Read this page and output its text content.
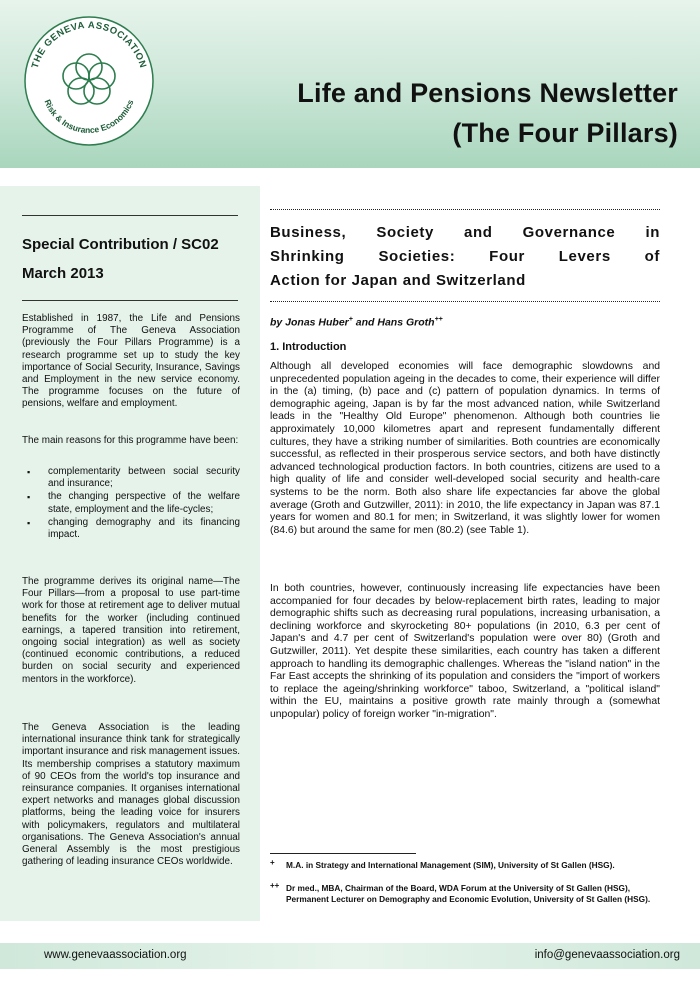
THE GENEVA ASSOCIATION
Risk & Insurance Economics	Life and Pensions Newsletter
(The Four Pillars)
Special Contribution / SC02
March 2013

Established in 1987, the Life and Pensions Programme of The Geneva Association (previously the Four Pillars Programme) is a research programme set up to study the key importance of Social Security, Insurance, Savings and Employment in the new service economy. The programme focuses on the future of pensions, welfare and employment.

The main reasons for this programme have been:

▪ complementarity between social security and insurance;
▪ the changing perspective of the welfare state, employment and the life-cycles;
▪ changing demography and its financing impact.

The programme derives its original name—The Four Pillars—from a proposal to use part-time work for those at retirement age to deliver mutual benefits for the worker (including continued earnings, a tapered transition into retirement, ongoing social integration) as well as society (continued economic contributions, a reduced burden on social security and experienced mentors in the workforce).

The Geneva Association is the leading international insurance think tank for strategically important insurance and risk management issues. Its membership comprises a statutory maximum of 90 CEOs from the world's top insurance and reinsurance companies. It organises international expert networks and manages global discussion platforms, being the leading voice for insurers with policymakers, regulators and multilateral organisations. The Geneva Association's annual General Assembly is the most prestigious gathering of leading insurance CEOs worldwide.

Business, Society and Governance in
Shrinking Societies: Four Levers of
Action for Japan and Switzerland
by Jonas Huber+ and Hans Groth++
1. Introduction

Although all developed economies will face demographic slowdowns and unprecedented population ageing in the decades to come, their experience will differ in the (a) timing, (b) pace and (c) pattern of population dynamics. In terms of demographic ageing, Japan is by far the most advanced nation, while Switzerland leads in the "Healthy Old Europe" phenomenon. Although both countries lie approximately 10,000 kilometres apart and represent fundamentally different cultures, they have a striking number of similarities. Both countries are economically successful, as reflected in their prosperous service sectors, and both have distinctly advanced technological production factors. In both countries, citizens are used to a high quality of life and consider well-developed social security and health-care systems to be the norm. Both also share life expectancies far above the global average (Groth and Gutzwiller, 2011): in 2010, the life expectancy in Japan was 87.1 years for women and 80.1 for men; in Switzerland, it was slightly lower for women (84.6) but around the same for men (80.2) (see Table 1).

In both countries, however, continuously increasing life expectancies have been accompanied for four decades by below-replacement birth rates, leading to major demographic shifts such as decreasing rural populations, increasing urbanisation, a declining workforce and skyrocketing 80+ populations (in 2010, 6.3 per cent of Japan's and 4.7 per cent of Switzerland's population were over 80) (Groth and Gutzwiller, 2011). Yet despite these similarities, each country has taken a different approach to handling its demographic challenges. Whereas the "island nation" in the Far East accepts the shrinking of its population and considers the "import of workers to replace the ageing/shrinking workforce" taboo, Switzerland, a "political island" within the EU, maintains a positive growth rate mainly through a (somewhat unpopular) policy of foreign worker "in-migration".

+	M.A. in Strategy and International Management (SIM), University of St Gallen (HSG).
++ Dr med., MBA, Chairman of the Board, WDA Forum at the University of St Gallen (HSG), Permanent Lecturer on Demography and Economic Evolution, University of St Gallen (HSG).
www.genevaassociation.org	info@genevaassociation.org
